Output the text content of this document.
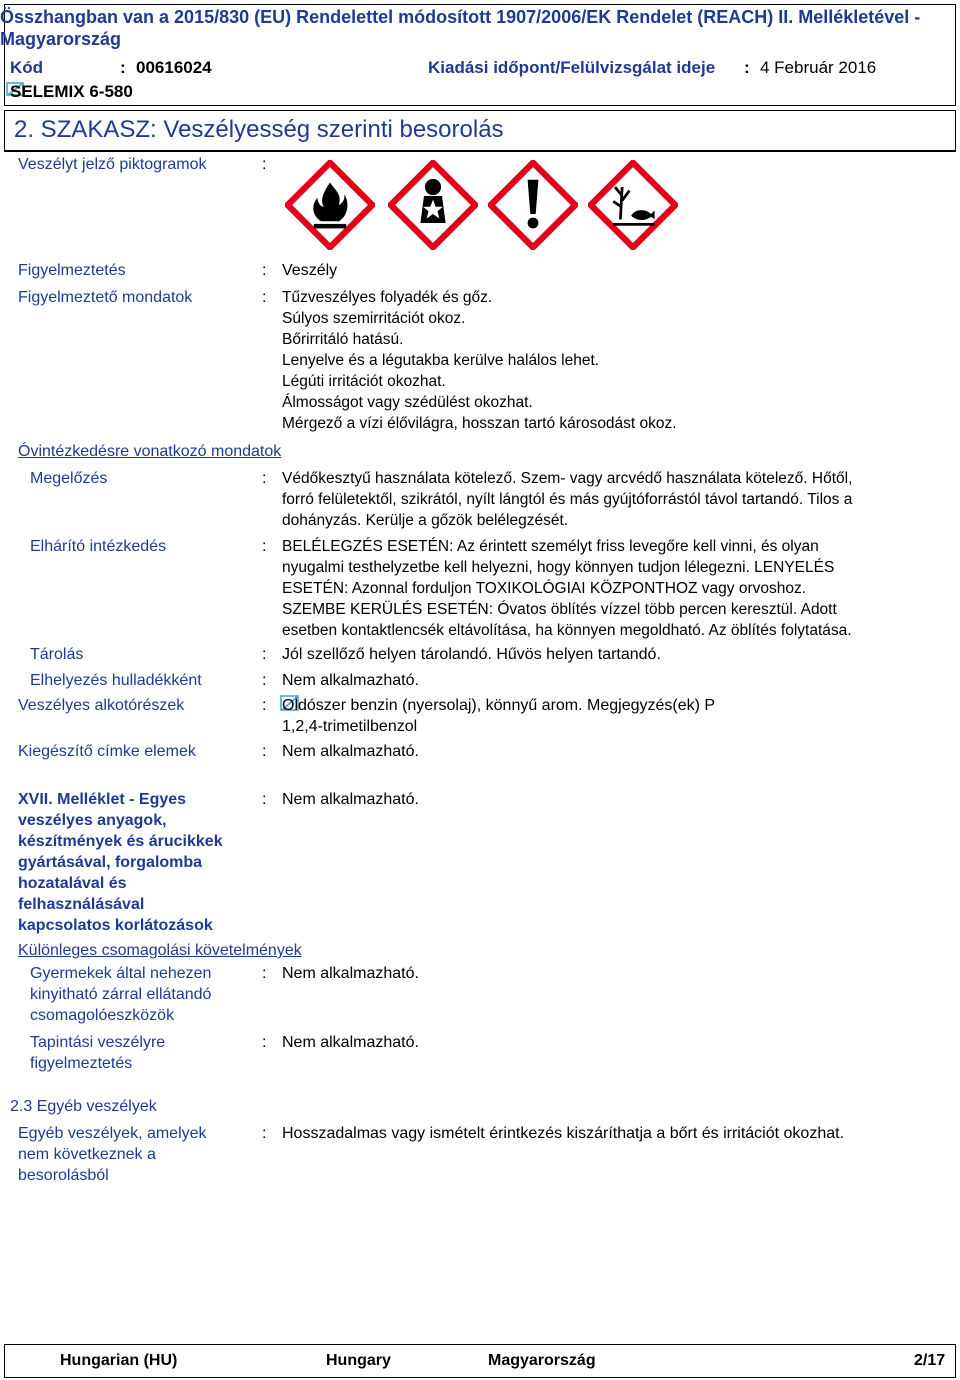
Összhangban van a 2015/830 (EU) Rendelettel módosított 1907/2006/EK Rendelet (REACH) II. Mellékletével -
Magyarország
Kód	: 00616024	Kiadási időpont/Felülvizsgálat ideje : 4 Február 2016
SELEMIX 6-580
2. SZAKASZ: Veszélyesség szerinti besorolás
Veszélyt jelző piktogramok	:
Figyelmeztetés	: Veszély
Figyelmeztető mondatok	: Tűzveszélyes folyadék és gőz.
Súlyos szemirritációt okoz.
Bőrirritáló hatású.
Lenyelve és a légutakba kerülve halálos lehet.
Légúti irritációt okozhat.
Álmosságot vagy szédülést okozhat.
Mérgező a vízi élővilágra, hosszan tartó károsodást okoz.
Óvintézkedésre vonatkozó mondatok
Megelőzés	: Védőkesztyű használata kötelező. Szem- vagy arcvédő használata kötelező. Hőtől,
forró felületektől, szikrától, nyílt lángtól és más gyújtóforrástól távol tartandó. Tilos a
dohányzás. Kerülje a gőzök belélegzését.
Elhárító intézkedés	: BELÉLEGZÉS ESETÉN: Az érintett személyt friss levegőre kell vinni, és olyan
nyugalmi testhelyzetbe kell helyezni, hogy könnyen tudjon lélegezni. LENYELÉS
ESETÉN: Azonnal forduljon TOXIKOLÓGIAI KÖZPONTHOZ vagy orvoshoz.
SZEMBE KERÜLÉS ESETÉN: Óvatos öblítés vízzel több percen keresztül. Adott
esetben kontaktlencsék eltávolítása, ha könnyen megoldható. Az öblítés folytatása.
Tárolás	: Jól szellőző helyen tárolandó. Hűvös helyen tartandó.
Elhelyezés hulladékként	: Nem alkalmazható.
Veszélyes alkotórészek	: Oldószer benzin (nyersolaj), könnyű arom. Megjegyzés(ek) P
1,2,4-trimetilbenzol
Kiegészítő címke elemek	: Nem alkalmazható.
XVII. Melléklet - Egyes
veszélyes anyagok,
készítmények és árucikkek
gyártásával, forgalomba
hozatalával és
felhasználásával
kapcsolatos korlátozások
: Nem alkalmazható.
Különleges csomagolási követelmények
Gyermekek által nehezen
kinyitható zárral ellátandó
csomagolóeszközök
: Nem alkalmazható.
Tapintási veszélyre
figyelmeztetés
: Nem alkalmazható.
2.3 Egyéb veszélyek
Egyéb veszélyek, amelyek
nem következnek a
besorolásból
: Hosszadalmas vagy ismételt érintkezés kiszáríthatja a bőrt és irritációt okozhat.
Hungarian (HU)	Hungary	Magyarország	2/17
